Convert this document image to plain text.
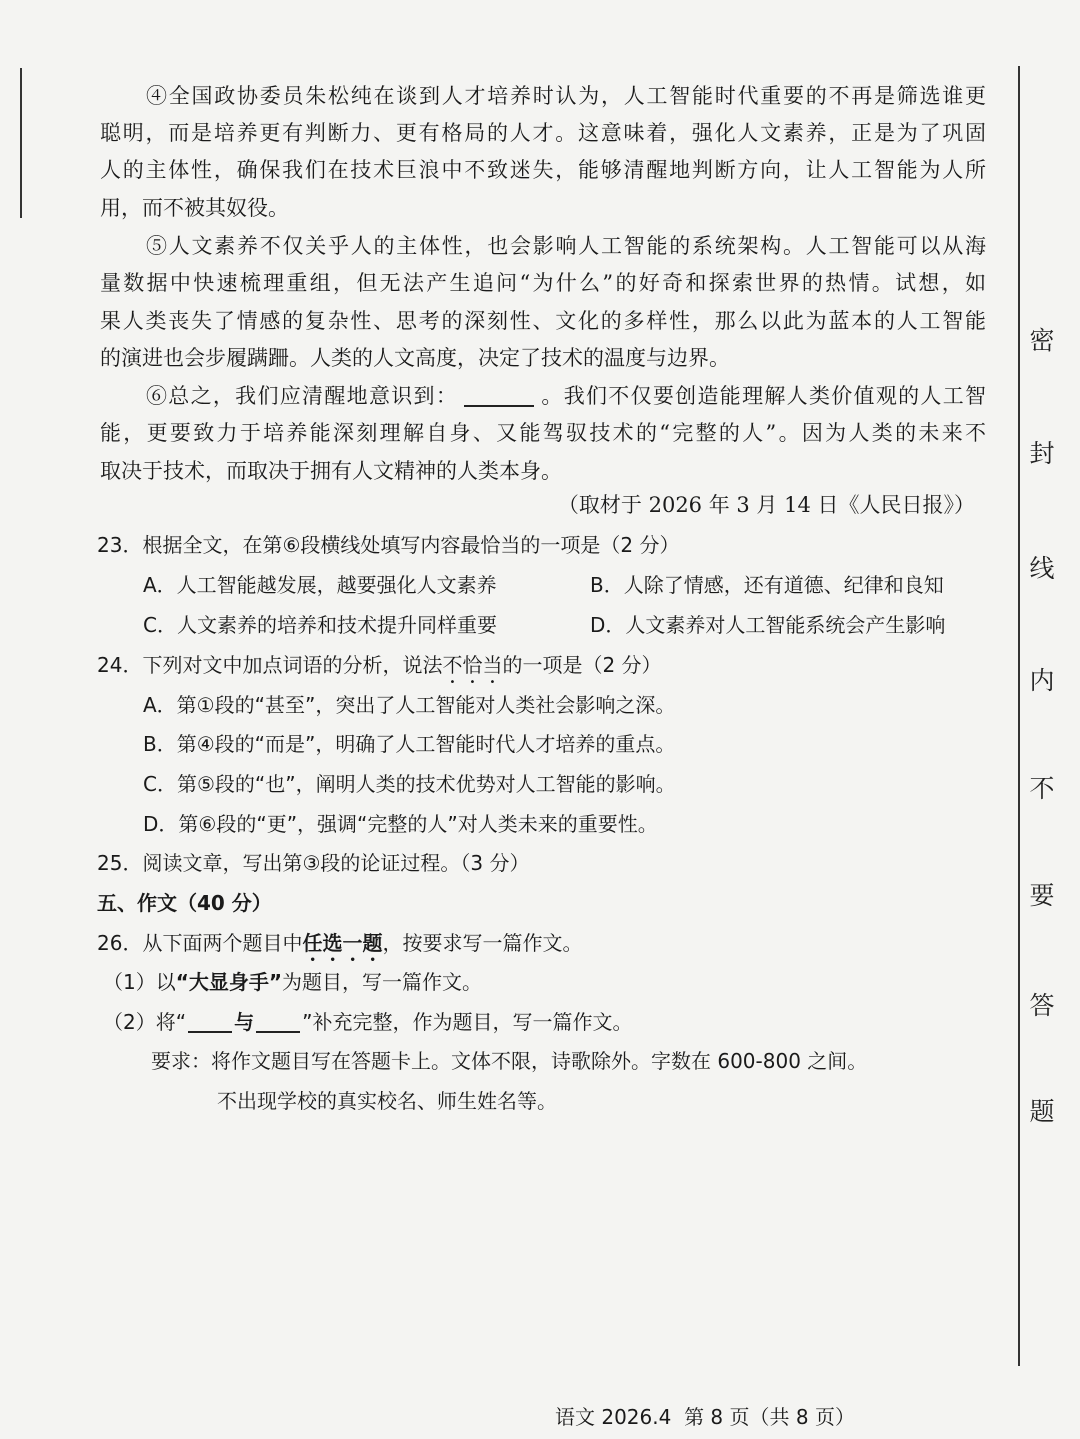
密
封
线
内
不
要
答
题
④全国政协委员朱松纯在谈到人才培养时认为，人工智能时代重要的不再是筛选谁更
聪明，而是培养更有判断力、更有格局的人才。这意味着，强化人文素养，正是为了巩固
人的主体性，确保我们在技术巨浪中不致迷失，能够清醒地判断方向，让人工智能为人所
用，而不被其奴役。
⑤人文素养不仅关乎人的主体性，也会影响人工智能的系统架构。人工智能可以从海
量数据中快速梳理重组，但无法产生追问“为什么”的好奇和探索世界的热情。试想，如
果人类丧失了情感的复杂性、思考的深刻性、文化的多样性，那么以此为蓝本的人工智能
的演进也会步履蹒跚。人类的人文高度，决定了技术的温度与边界。
⑥总之，我们应清醒地意识到：	。我们不仅要创造能理解人类价值观的人工智
能，更要致力于培养能深刻理解自身、又能驾驭技术的“完整的人”。因为人类的未来不
取决于技术，而取决于拥有人文精神的人类本身。
（取材于 2026 年 3 月 14 日《人民日报》）
23．根据全文，在第⑥段横线处填写内容最恰当的一项是（2 分）
A．人工智能越发展，越要强化人文素养	B．人除了情感，还有道德、纪律和良知
C．人文素养的培养和技术提升同样重要	D．人文素养对人工智能系统会产生影响
24．下列对文中加点词语的分析，说法不恰当的一项是（2 分）
A．第①段的“甚至”，突出了人工智能对人类社会影响之深。
B．第④段的“而是”，明确了人工智能时代人才培养的重点。
C．第⑤段的“也”，阐明人类的技术优势对人工智能的影响。
D．第⑥段的“更”，强调“完整的人”对人类未来的重要性。
25．阅读文章，写出第③段的论证过程。（3 分）
五、作文（40 分）
26．从下面两个题目中任选一题，按要求写一篇作文。
（1）以“大显身手”为题目，写一篇作文。
（2）将“ 与 ”补充完整，作为题目，写一篇作文。
要求：将作文题目写在答题卡上。文体不限，诗歌除外。字数在 600-800 之间。
不出现学校的真实校名、师生姓名等。
语文 2026.4 第 8 页（共 8 页）
